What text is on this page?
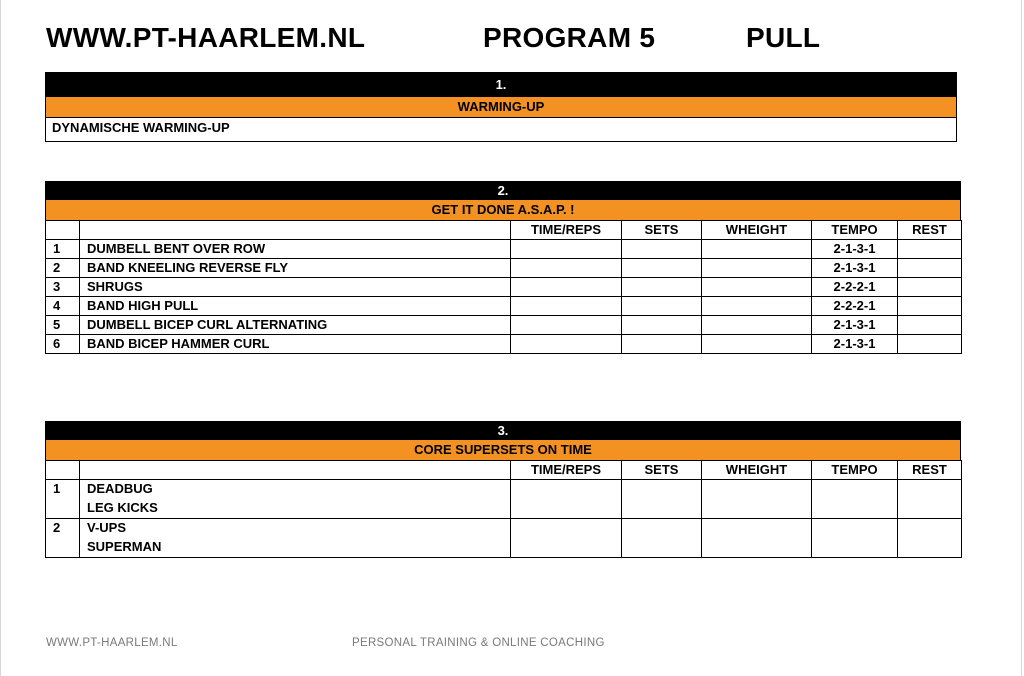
WWW.PT-HAARLEM.NL	PROGRAM 5	PULL
1.
WARMING-UP
DYNAMISCHE WARMING-UP
2.
GET IT DONE A.S.A.P. !
		TIME/REPS	SETS	WHEIGHT	TEMPO	REST
1	DUMBELL BENT OVER ROW				2-1-3-1	
2	BAND KNEELING REVERSE FLY				2-1-3-1	
3	SHRUGS				2-2-2-1	
4	BAND HIGH PULL				2-2-2-1	
5	DUMBELL BICEP CURL ALTERNATING				2-1-3-1	
6	BAND BICEP HAMMER CURL				2-1-3-1	
3.
CORE SUPERSETS ON TIME
		TIME/REPS	SETS	WHEIGHT	TEMPO	REST
1	DEADBUG
LEG KICKS					

2	V-UPS
SUPERMAN					

WWW.PT-HAARLEM.NL	PERSONAL TRAINING & ONLINE COACHING
